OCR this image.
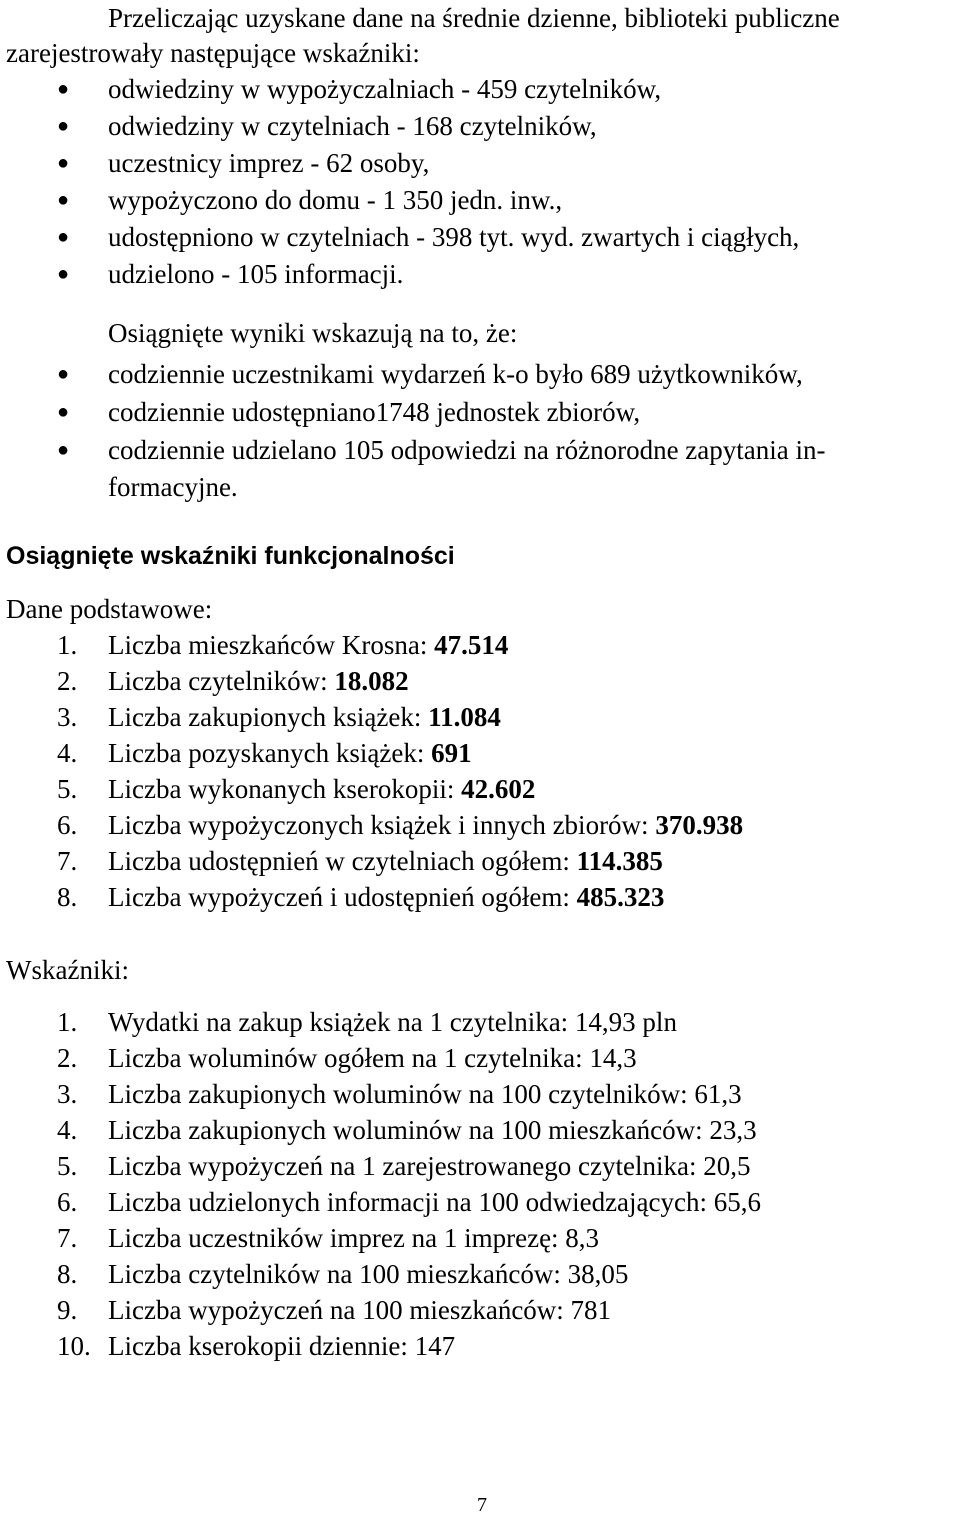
Przeliczając uzyskane dane na średnie dzienne, biblioteki publiczne
zarejestrowały następujące wskaźniki:
● odwiedziny w wypożyczalniach - 459 czytelników,
● odwiedziny w czytelniach - 168 czytelników,
● uczestnicy imprez - 62 osoby,
● wypożyczono do domu - 1 350 jedn. inw.,
● udostępniono w czytelniach - 398 tyt. wyd. zwartych i ciągłych,
● udzielono - 105 informacji.
Osiągnięte wyniki wskazują na to, że:
● codziennie uczestnikami wydarzeń k-o było 689 użytkowników,
● codziennie udostępniano1748 jednostek zbiorów,
● codziennie udzielano 105 odpowiedzi na różnorodne zapytania in-
formacyjne.
Osiągnięte wskaźniki funkcjonalności
Dane podstawowe:
1. Liczba mieszkańców Krosna: 47.514
2. Liczba czytelników: 18.082
3. Liczba zakupionych książek: 11.084
4. Liczba pozyskanych książek: 691
5. Liczba wykonanych kserokopii: 42.602
6. Liczba wypożyczonych książek i innych zbiorów: 370.938
7. Liczba udostępnień w czytelniach ogółem: 114.385
8. Liczba wypożyczeń i udostępnień ogółem: 485.323
Wskaźniki:
1. Wydatki na zakup książek na 1 czytelnika: 14,93 pln
2. Liczba woluminów ogółem na 1 czytelnika: 14,3
3. Liczba zakupionych woluminów na 100 czytelników: 61,3
4. Liczba zakupionych woluminów na 100 mieszkańców: 23,3
5. Liczba wypożyczeń na 1 zarejestrowanego czytelnika: 20,5
6. Liczba udzielonych informacji na 100 odwiedzających: 65,6
7. Liczba uczestników imprez na 1 imprezę: 8,3
8. Liczba czytelników na 100 mieszkańców: 38,05
9. Liczba wypożyczeń na 100 mieszkańców: 781
10. Liczba kserokopii dziennie: 147
7
